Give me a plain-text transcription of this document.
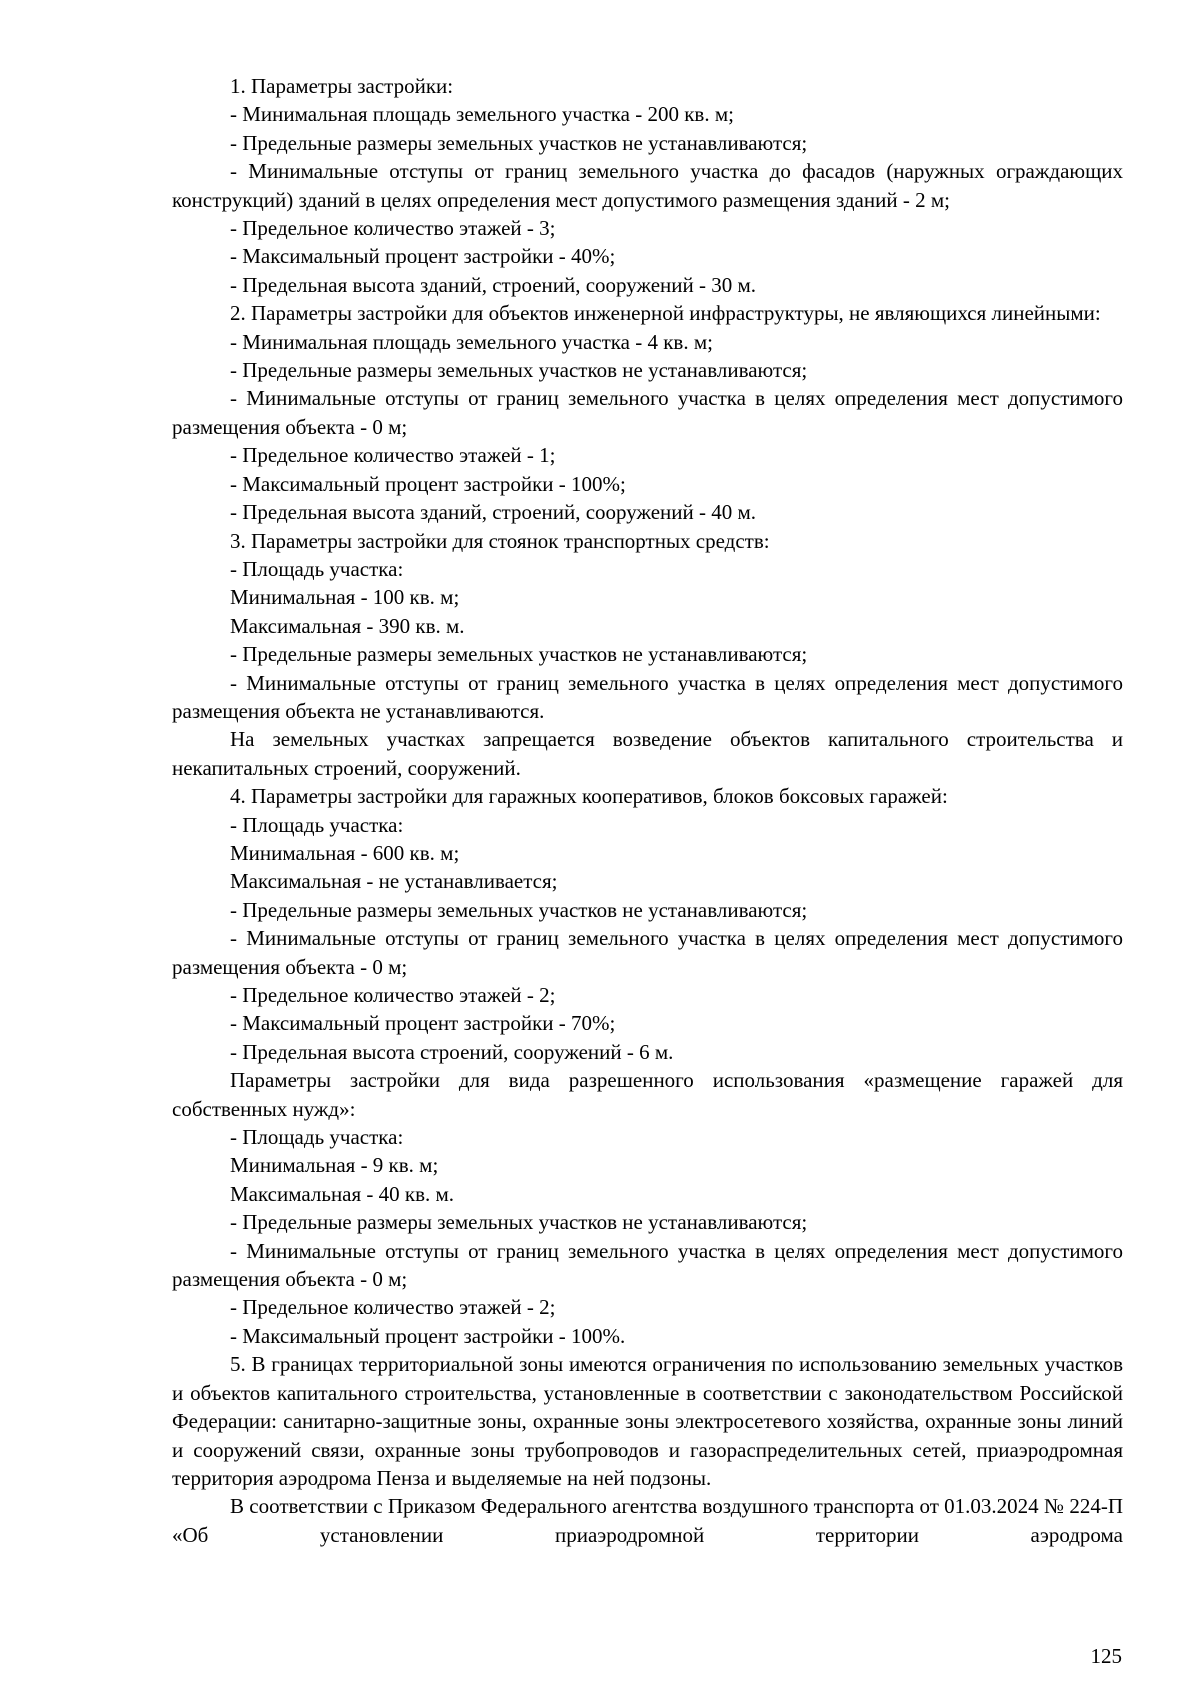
1. Параметры застройки:

- Минимальная площадь земельного участка - 200 кв. м;

- Предельные размеры земельных участков не устанавливаются;

- Минимальные отступы от границ земельного участка до фасадов (наружных ограждающих конструкций) зданий в целях определения мест допустимого размещения зданий - 2 м;

- Предельное количество этажей - 3;

- Максимальный процент застройки - 40%;

- Предельная высота зданий, строений, сооружений - 30 м.

2. Параметры застройки для объектов инженерной инфраструктуры, не являющихся линейными:

- Минимальная площадь земельного участка - 4 кв. м;

- Предельные размеры земельных участков не устанавливаются;

- Минимальные отступы от границ земельного участка в целях определения мест допустимого размещения объекта - 0 м;

- Предельное количество этажей - 1;

- Максимальный процент застройки - 100%;

- Предельная высота зданий, строений, сооружений - 40 м.

3. Параметры застройки для стоянок транспортных средств:

- Площадь участка:

Минимальная - 100 кв. м;

Максимальная - 390 кв. м.

- Предельные размеры земельных участков не устанавливаются;

- Минимальные отступы от границ земельного участка в целях определения мест допустимого размещения объекта не устанавливаются.

На земельных участках запрещается возведение объектов капитального строительства и некапитальных строений, сооружений.

4. Параметры застройки для гаражных кооперативов, блоков боксовых гаражей:

- Площадь участка:

Минимальная - 600 кв. м;

Максимальная - не устанавливается;

- Предельные размеры земельных участков не устанавливаются;

- Минимальные отступы от границ земельного участка в целях определения мест допустимого размещения объекта - 0 м;

- Предельное количество этажей - 2;

- Максимальный процент застройки - 70%;

- Предельная высота строений, сооружений - 6 м.

Параметры застройки для вида разрешенного использования «размещение гаражей для собственных нужд»:

- Площадь участка:

Минимальная - 9 кв. м;

Максимальная - 40 кв. м.

- Предельные размеры земельных участков не устанавливаются;

- Минимальные отступы от границ земельного участка в целях определения мест допустимого размещения объекта - 0 м;

- Предельное количество этажей - 2;

- Максимальный процент застройки - 100%.

5. В границах территориальной зоны имеются ограничения по использованию земельных участков и объектов капитального строительства, установленные в соответствии с законодательством Российской Федерации: санитарно-защитные зоны, охранные зоны электросетевого хозяйства, охранные зоны линий и сооружений связи, охранные зоны трубопроводов и газораспределительных сетей, приаэродромная территория аэродрома Пенза и выделяемые на ней подзоны.

В соответствии с Приказом Федерального агентства воздушного транспорта от 01.03.2024 № 224-П «Об установлении приаэродромной территории аэродрома

125
